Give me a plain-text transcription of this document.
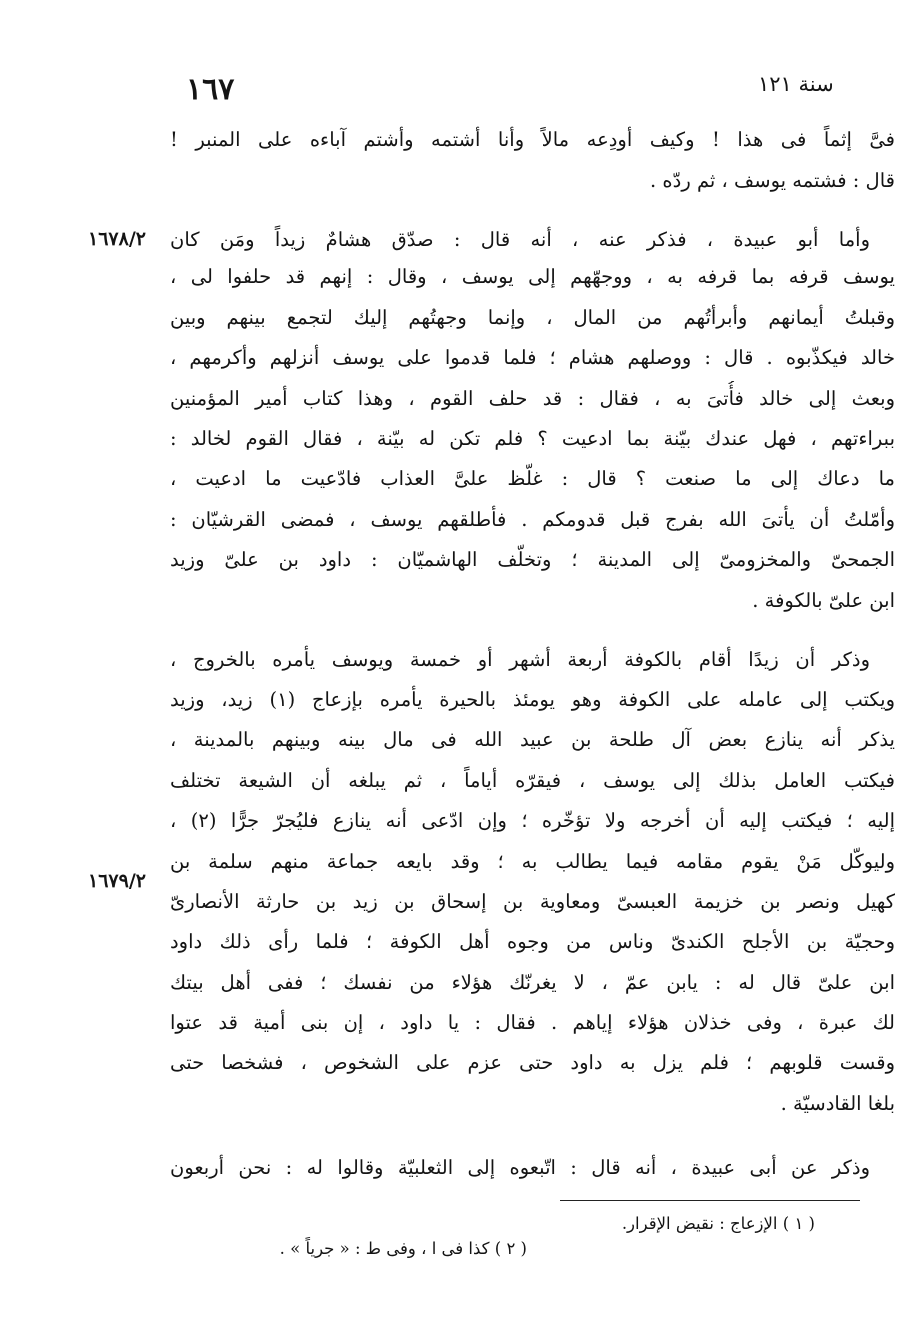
١٦٧	سنة ١٢١
١٦٧٨/٢
١٦٧٩/٢
فىَّ إثماً فى هذا ! وكيف أودِعه مالاً وأنا أشتمه وأشتم آباءه على المنبر !
قال : فشتمه يوسف ، ثم ردّه .
وأما أبو عبيدة ، فذكر عنه ، أنه قال : صدّق هشامٌ زيداً ومَن كان
يوسف قرفه بما قرفه به ، ووجهّهم إلى يوسف ، وقال : إنهم قد حلفوا لى ،
وقبلتُ أيمانهم وأبرأتُهم من المال ، وإنما وجهتُهم إليك لتجمع بينهم وبين
خالد فيكذّبوه . قال : ووصلهم هشام ؛ فلما قدموا على يوسف أنزلهم وأكرمهم ،
وبعث إلى خالد فأُتىَ به ، فقال : قد حلف القوم ، وهذا كتاب أمير المؤمنين
ببراءتهم ، فهل عندك بيّنة بما ادعيت ؟ فلم تكن له بيّنة ، فقال القوم لخالد :
ما دعاك إلى ما صنعت ؟ قال : غلّظ علىَّ العذاب فادّعيت ما ادعيت ،
وأمّلتُ أن يأتىَ الله بفرج قبل قدومكم . فأطلقهم يوسف ، فمضى القرشيّان :
الجمحىّ والمخزومىّ إلى المدينة ؛ وتخلّف الهاشميّان : داود بن علىّ وزيد
ابن علىّ بالكوفة .
وذكر أن زيدًا أقام بالكوفة أربعة أشهر أو خمسة ويوسف يأمره بالخروج ،
ويكتب إلى عامله على الكوفة وهو يومئذ بالحيرة يأمره بإزعاج (١) زيد، وزيد
يذكر أنه ينازع بعض آل طلحة بن عبيد الله فى مال بينه وبينهم بالمدينة ،
فيكتب العامل بذلك إلى يوسف ، فيقرّه أياماً ، ثم يبلغه أن الشيعة تختلف
إليه ؛ فيكتب إليه أن أخرجه ولا تؤخّره ؛ وإن ادّعى أنه ينازع فليُجرّ جرًّا (٢) ،
وليوكّل مَنْ يقوم مقامه فيما يطالب به ؛ وقد بايعه جماعة منهم سلمة بن
كهيل ونصر بن خزيمة العبسىّ ومعاوية بن إسحاق بن زيد بن حارثة الأنصارىّ
وحجيّة بن الأجلح الكندىّ وناس من وجوه أهل الكوفة ؛ فلما رأى ذلك داود
ابن علىّ قال له : يابن عمّ ، لا يغرنّك هؤلاء من نفسك ؛ ففى أهل بيتك
لك عبرة ، وفى خذلان هؤلاء إياهم . فقال : يا داود ، إن بنى أمية قد عتوا
وقست قلوبهم ؛ فلم يزل به داود حتى عزم على الشخوص ، فشخصا حتى
بلغا القادسيّة .
وذكر عن أبى عبيدة ، أنه قال : اتّبعوه إلى الثعلبيّة وقالوا له : نحن أربعون
( ١ ) الإزعاج : نقيض الإقرار.
( ٢ ) كذا فى ا ، وفى ط : « جرياً » .
